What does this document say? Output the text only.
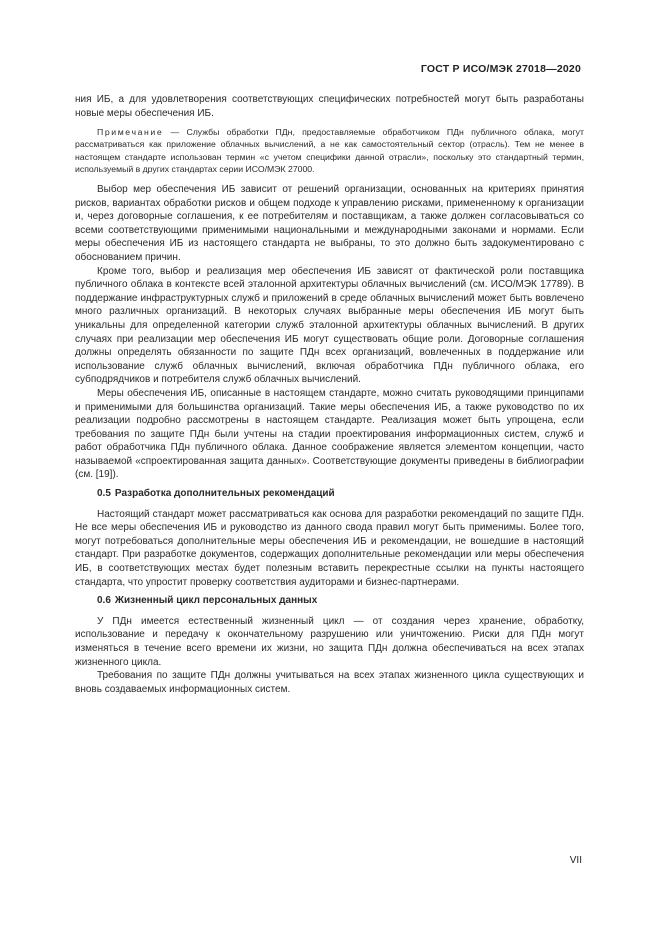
ГОСТ Р ИСО/МЭК 27018—2020

ния ИБ, а для удовлетворения соответствующих специфических потребностей могут быть разработаны новые меры обеспечения ИБ.

Примечание — Службы обработки ПДн, предоставляемые обработчиком ПДн публичного облака, могут рассматриваться как приложение облачных вычислений, а не как самостоятельный сектор (отрасль). Тем не менее в настоящем стандарте использован термин «с учетом специфики данной отрасли», поскольку это стандартный термин, используемый в других стандартах серии ИСО/МЭК 27000.

Выбор мер обеспечения ИБ зависит от решений организации, основанных на критериях принятия рисков, вариантах обработки рисков и общем подходе к управлению рисками, примененному к организации и, через договорные соглашения, к ее потребителям и поставщикам, а также должен согласовываться со всеми соответствующими применимыми национальными и международными законами и нормами. Если меры обеспечения ИБ из настоящего стандарта не выбраны, то это должно быть задокументировано с обоснованием причин.

Кроме того, выбор и реализация мер обеспечения ИБ зависят от фактической роли поставщика публичного облака в контексте всей эталонной архитектуры облачных вычислений (см. ИСО/МЭК 17789). В поддержание инфраструктурных служб и приложений в среде облачных вычислений может быть вовлечено много различных организаций. В некоторых случаях выбранные меры обеспечения ИБ могут быть уникальны для определенной категории служб эталонной архитектуры облачных вычислений. В других случаях при реализации мер обеспечения ИБ могут существовать общие роли. Договорные соглашения должны определять обязанности по защите ПДн всех организаций, вовлеченных в поддержание или использование служб облачных вычислений, включая обработчика ПДн публичного облака, его субподрядчиков и потребителя служб облачных вычислений.

Меры обеспечения ИБ, описанные в настоящем стандарте, можно считать руководящими принципами и применимыми для большинства организаций. Такие меры обеспечения ИБ, а также руководство по их реализации подробно рассмотрены в настоящем стандарте. Реализация может быть упрощена, если требования по защите ПДн были учтены на стадии проектирования информационных систем, служб и работ обработчика ПДн публичного облака. Данное соображение является элементом концепции, часто называемой «спроектированная защита данных». Соответствующие документы приведены в библиографии (см. [19]).

0.5 Разработка дополнительных рекомендаций

Настоящий стандарт может рассматриваться как основа для разработки рекомендаций по защите ПДн. Не все меры обеспечения ИБ и руководство из данного свода правил могут быть применимы. Более того, могут потребоваться дополнительные меры обеспечения ИБ и рекомендации, не вошедшие в настоящий стандарт. При разработке документов, содержащих дополнительные рекомендации или меры обеспечения ИБ, в соответствующих местах будет полезным вставить перекрестные ссылки на пункты настоящего стандарта, что упростит проверку соответствия аудиторами и бизнес-партнерами.

0.6 Жизненный цикл персональных данных

У ПДн имеется естественный жизненный цикл — от создания через хранение, обработку, использование и передачу к окончательному разрушению или уничтожению. Риски для ПДн могут изменяться в течение всего времени их жизни, но защита ПДн должна обеспечиваться на всех этапах жизненного цикла.

Требования по защите ПДн должны учитываться на всех этапах жизненного цикла существующих и вновь создаваемых информационных систем.

VII
